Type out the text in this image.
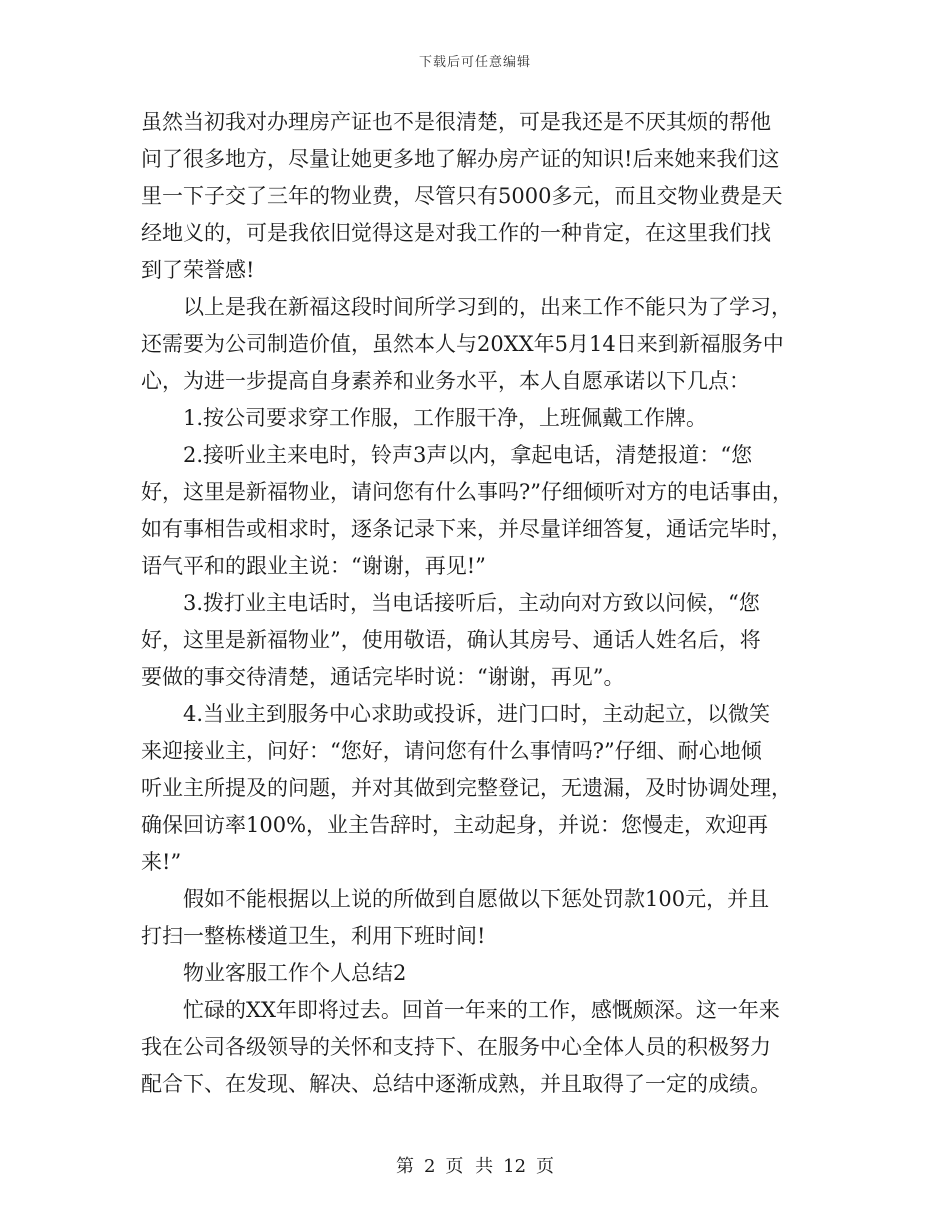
下载后可任意编辑

虽然当初我对办理房产证也不是很清楚，可是我还是不厌其烦的帮他
问了很多地方，尽量让她更多地了解办房产证的知识!后来她来我们这
里一下子交了三年的物业费，尽管只有5000多元，而且交物业费是天
经地义的，可是我依旧觉得这是对我工作的一种肯定，在这里我们找
到了荣誉感!

以上是我在新福这段时间所学习到的，出来工作不能只为了学习，
还需要为公司制造价值，虽然本人与20XX年5月14日来到新福服务中
心，为进一步提高自身素养和业务水平，本人自愿承诺以下几点：

1.按公司要求穿工作服，工作服干净，上班佩戴工作牌。

2.接听业主来电时，铃声3声以内，拿起电话，清楚报道：“您
好，这里是新福物业，请问您有什么事吗?”仔细倾听对方的电话事由，
如有事相告或相求时，逐条记录下来，并尽量详细答复，通话完毕时，
语气平和的跟业主说：“谢谢，再见!”

3.拨打业主电话时，当电话接听后，主动向对方致以问候，“您
好，这里是新福物业”，使用敬语，确认其房号、通话人姓名后，将
要做的事交待清楚，通话完毕时说：“谢谢，再见”。

4.当业主到服务中心求助或投诉，进门口时，主动起立，以微笑
来迎接业主，问好：“您好，请问您有什么事情吗?”仔细、耐心地倾
听业主所提及的问题，并对其做到完整登记，无遗漏，及时协调处理，
确保回访率100%，业主告辞时，主动起身，并说：您慢走，欢迎再
来!”

假如不能根据以上说的所做到自愿做以下惩处罚款100元，并且
打扫一整栋楼道卫生，利用下班时间!

物业客服工作个人总结2

忙碌的XX年即将过去。回首一年来的工作，感慨颇深。这一年来
我在公司各级领导的关怀和支持下、在服务中心全体人员的积极努力
配合下、在发现、解决、总结中逐渐成熟，并且取得了一定的成绩。

第 2 页 共 12 页
